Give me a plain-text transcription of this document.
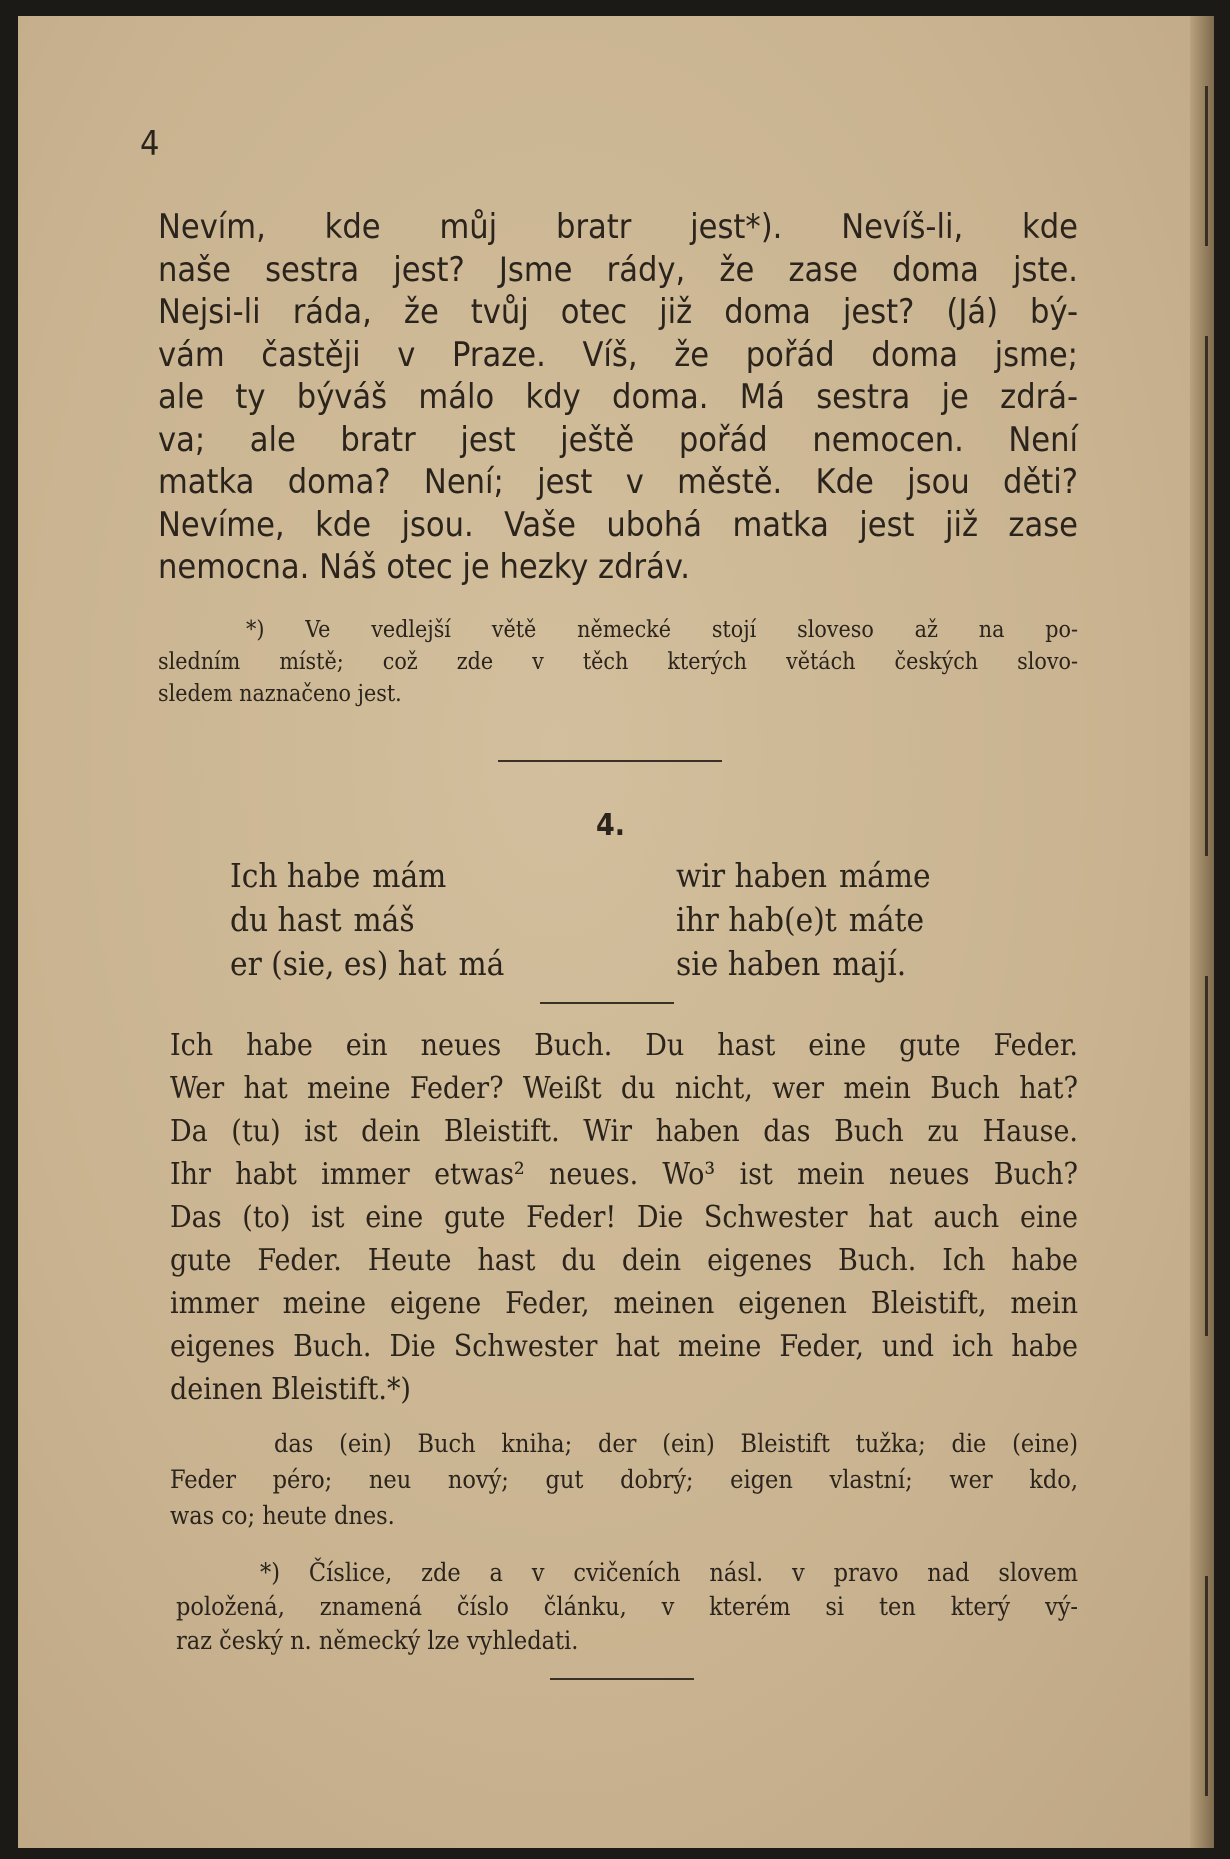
4
Nevím, kde můj bratr jest*). Nevíš-li, kde
naše sestra jest? Jsme rády, že zase doma jste.
Nejsi-li ráda, že tvůj otec již doma jest? (Já) bý-
vám častěji v Praze. Víš, že pořád doma jsme;
ale ty býváš málo kdy doma. Má sestra je zdrá-
va; ale bratr jest ještě pořád nemocen. Není
matka doma? Není; jest v městě. Kde jsou děti?
Nevíme, kde jsou. Vaše ubohá matka jest již zase
nemocna. Náš otec je hezky zdráv.
*) Ve vedlejší větě německé stojí sloveso až na po-
sledním místě; což zde v těch kterých větách českých slovo-
sledem naznačeno jest.
4.
Ich habe mám
du hast máš
er (sie, es) hat má
wir haben máme
ihr hab(e)t máte
sie haben mají.
Ich habe ein neues Buch. Du hast eine gute Feder.
Wer hat meine Feder? Weißt du nicht, wer mein Buch hat?
Da (tu) ist dein Bleistift. Wir haben das Buch zu Hause.
Ihr habt immer etwas² neues. Wo³ ist mein neues Buch?
Das (to) ist eine gute Feder! Die Schwester hat auch eine
gute Feder. Heute hast du dein eigenes Buch. Ich habe
immer meine eigene Feder, meinen eigenen Bleistift, mein
eigenes Buch. Die Schwester hat meine Feder, und ich habe
deinen Bleistift.*)
das (ein) Buch kniha; der (ein) Bleistift tužka; die (eine)
Feder péro; neu nový; gut dobrý; eigen vlastní; wer kdo,
was co; heute dnes.
*) Číslice, zde a v cvičeních násl. v pravo nad slovem
položená, znamená číslo článku, v kterém si ten který vý-
raz český n. německý lze vyhledati.
